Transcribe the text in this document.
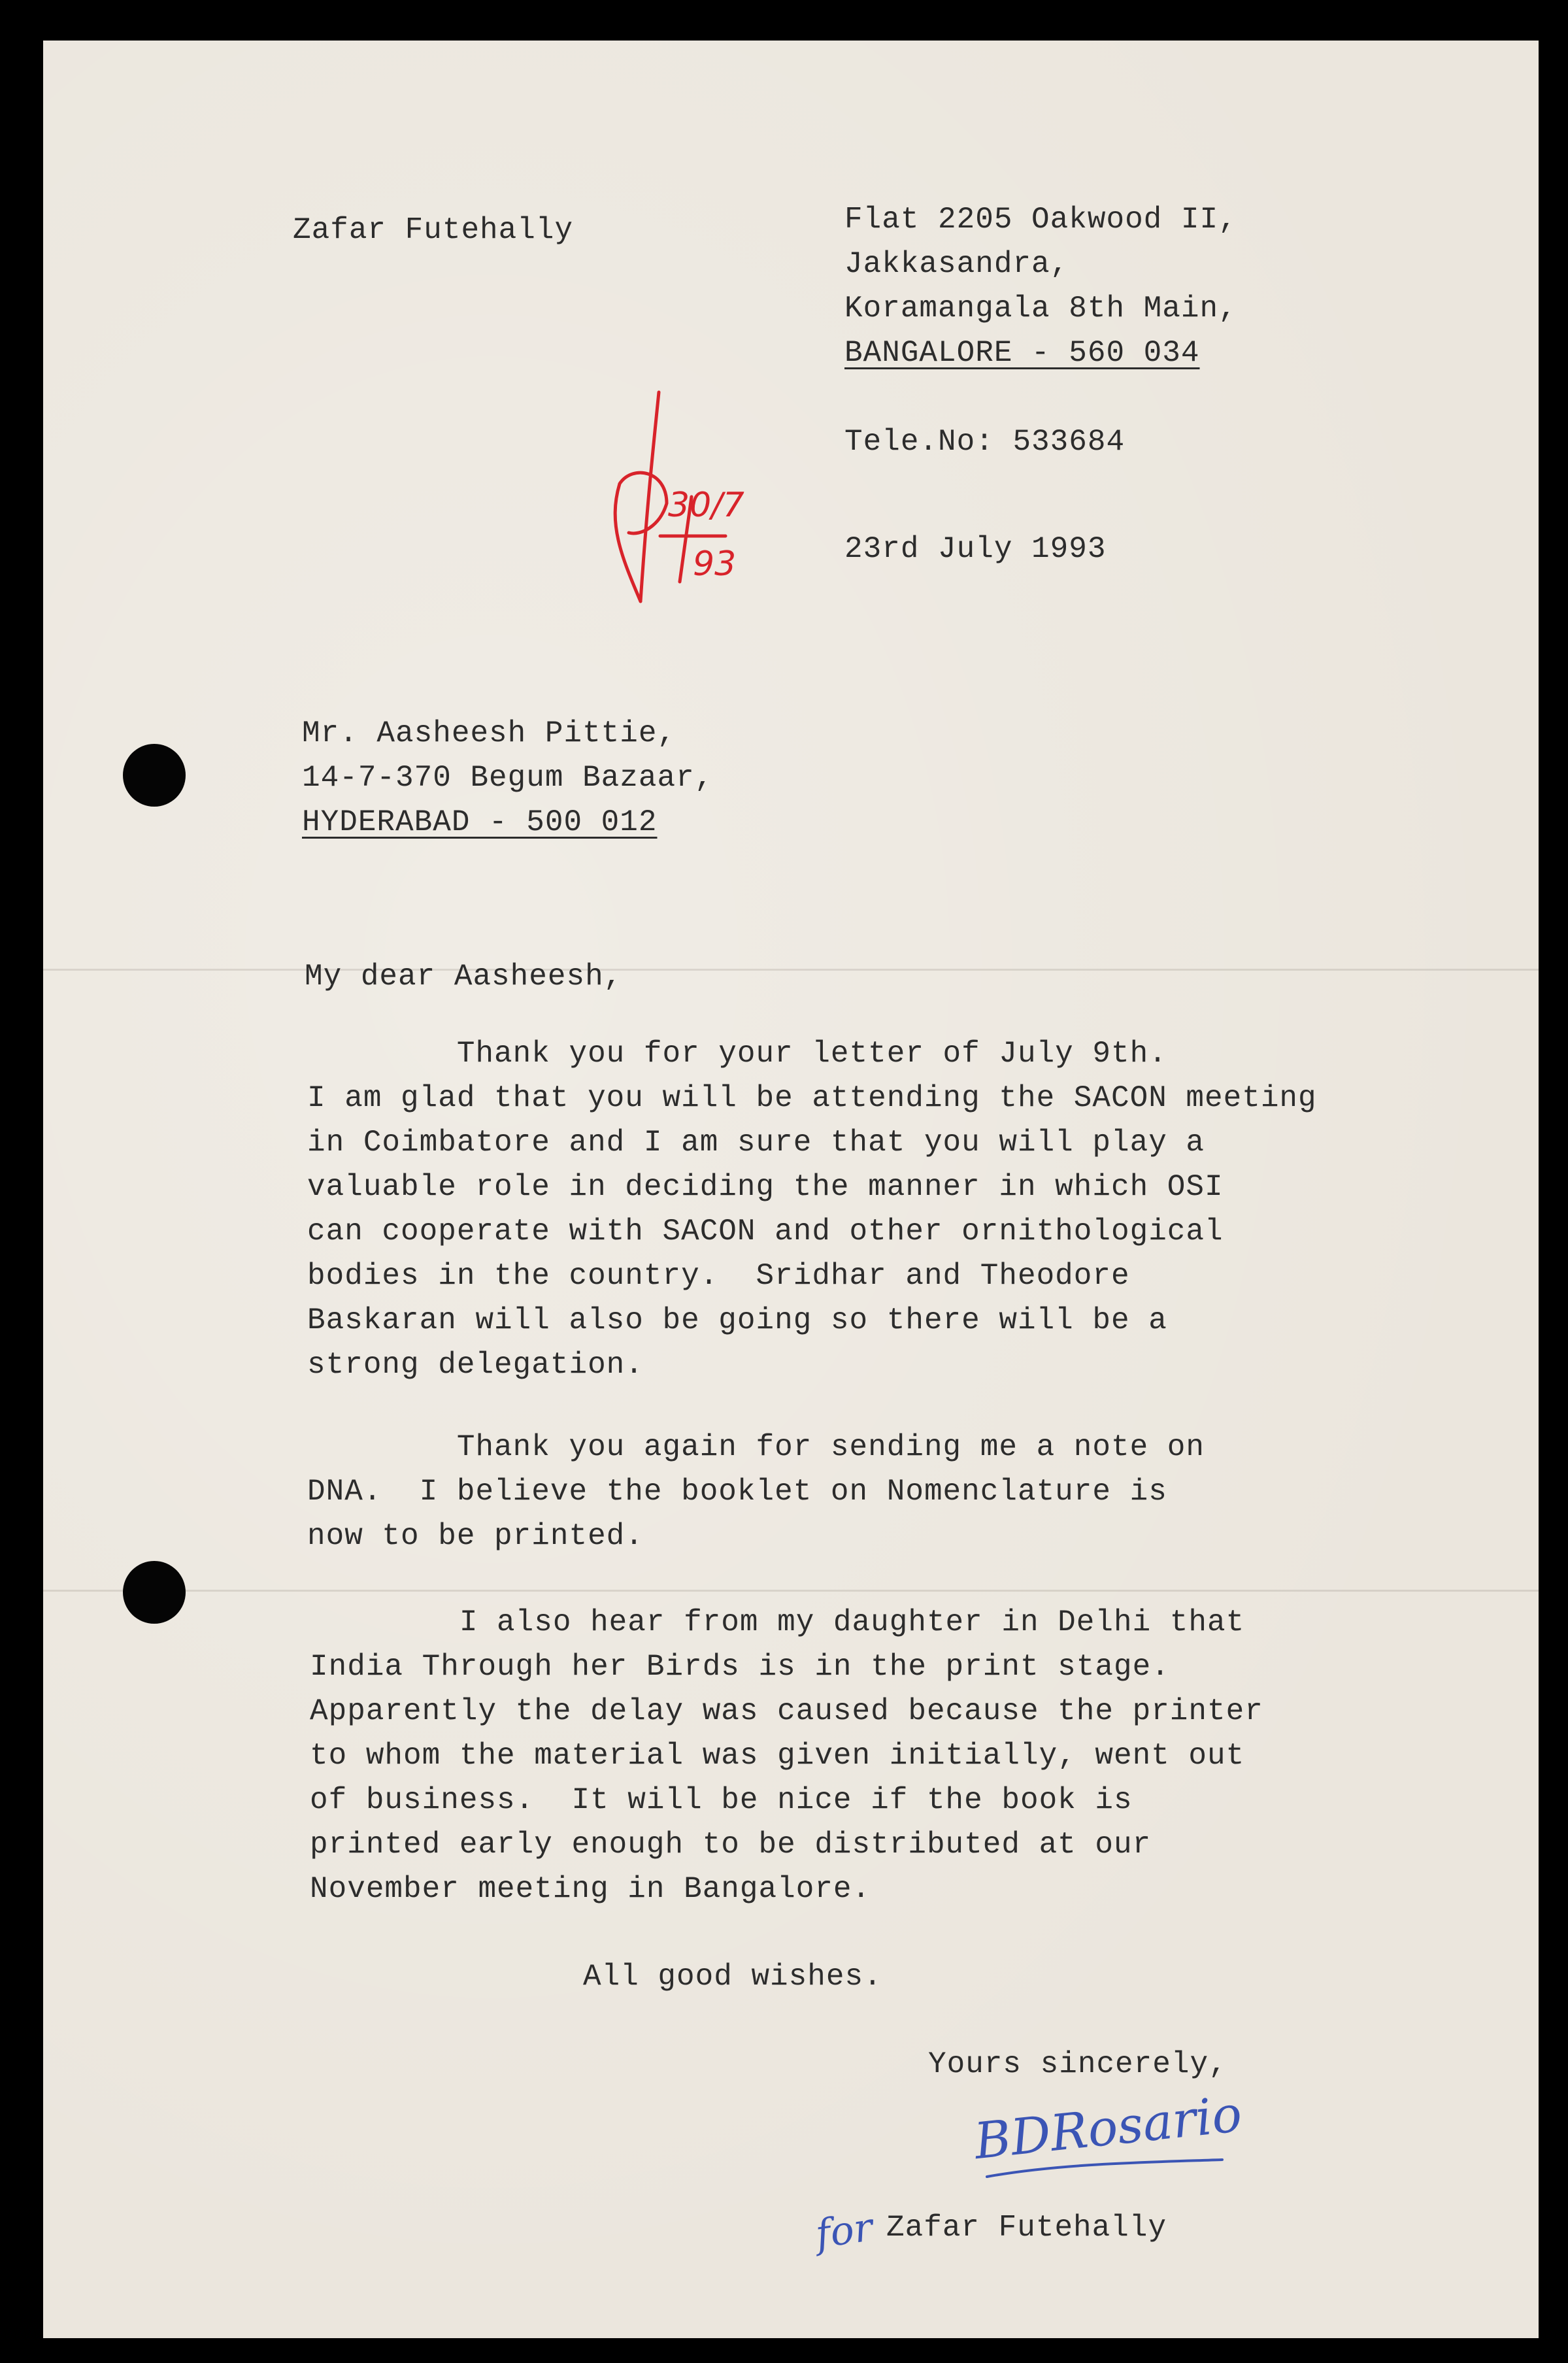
Zafar Futehally	Flat 2205 Oakwood II,

Jakkasandra,

Koramangala 8th Main,

BANGALORE - 560 034

Tele.No: 533684

23rd July 1993

30/7
93

Mr. Aasheesh Pittie,

14-7-370 Begum Bazaar,

HYDERABAD - 500 012

My dear Aasheesh,

Thank you for your letter of July 9th.

I am glad that you will be attending the SACON meeting

in Coimbatore and I am sure that you will play a

valuable role in deciding the manner in which OSI

can cooperate with SACON and other ornithological

bodies in the country.  Sridhar and Theodore

Baskaran will also be going so there will be a

strong delegation.

Thank you again for sending me a note on

DNA.  I believe the booklet on Nomenclature is

now to be printed.

I also hear from my daughter in Delhi that

India Through her Birds is in the print stage.

Apparently the delay was caused because the printer

to whom the material was given initially, went out

of business.  It will be nice if the book is

printed early enough to be distributed at our

November meeting in Bangalore.

All good wishes.

Yours sincerely,

BDRosario

for Zafar Futehally
